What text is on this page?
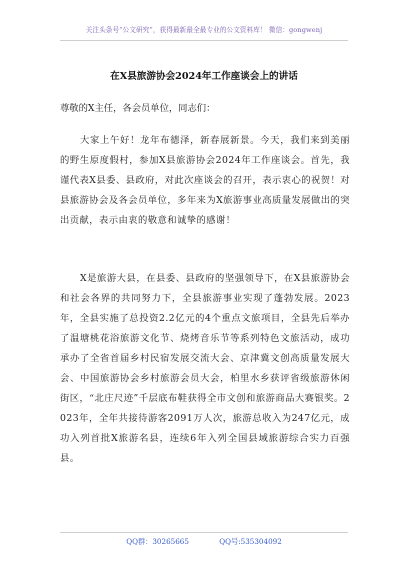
关注头条号“公文研究”，获得最新最全最专业的公文资料库！ 微信：gongwenj
在X县旅游协会2024年工作座谈会上的讲话
尊敬的X主任，各会员单位，同志们：

大家上午好！龙年布德泽，新春展新景。今天，我们来到美丽的野生原度假村，参加X县旅游协会2024年工作座谈会。首先，我谨代表X县委、县政府，对此次座谈会的召开，表示衷心的祝贺！对县旅游协会及各会员单位，多年来为X旅游事业高质量发展做出的突出贡献，表示由衷的敬意和诚挚的感谢！

X是旅游大县，在县委、县政府的坚强领导下，在X县旅游协会和社会各界的共同努力下，全县旅游事业实现了蓬勃发展。2023年，全县实施了总投资2.2亿元的4个重点文旅项目，全县先后举办了温塘桃花浴旅游文化节、烧烤音乐节等系列特色文旅活动，成功承办了全省首届乡村民宿发展交流大会、京津冀文创高质量发展大会、中国旅游协会乡村旅游会员大会，柏里水乡获评省级旅游休闲街区，“北庄尺迹”千层底布鞋获得全市文创和旅游商品大赛银奖。2023年，全年共接待游客2091万人次，旅游总收入为247亿元，成功入列首批X旅游名县，连续6年入列全国县域旅游综合实力百强县。

QQ群：30265665	QQ号:535304092
